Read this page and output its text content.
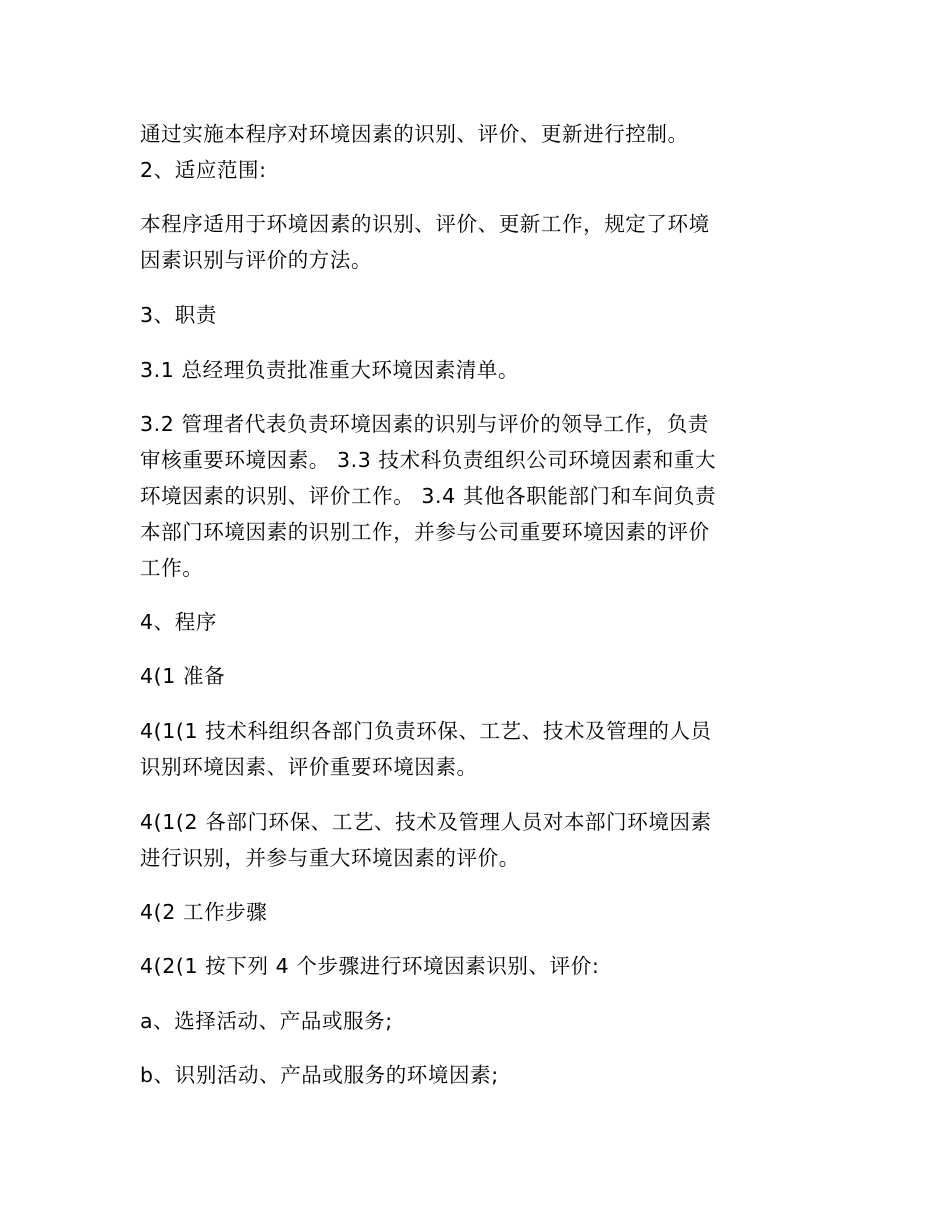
通过实施本程序对环境因素的识别、评价、更新进行控制。
2、适应范围:
本程序适用于环境因素的识别、评价、更新工作，规定了环境
因素识别与评价的方法。
3、职责
3.1 总经理负责批准重大环境因素清单。
3.2 管理者代表负责环境因素的识别与评价的领导工作，负责
审核重要环境因素。 3.3 技术科负责组织公司环境因素和重大
环境因素的识别、评价工作。 3.4 其他各职能部门和车间负责
本部门环境因素的识别工作，并参与公司重要环境因素的评价
工作。
4、程序
4(1 准备
4(1(1 技术科组织各部门负责环保、工艺、技术及管理的人员
识别环境因素、评价重要环境因素。
4(1(2 各部门环保、工艺、技术及管理人员对本部门环境因素
进行识别，并参与重大环境因素的评价。
4(2 工作步骤
4(2(1 按下列 4 个步骤进行环境因素识别、评价:
a、选择活动、产品或服务;
b、识别活动、产品或服务的环境因素;
